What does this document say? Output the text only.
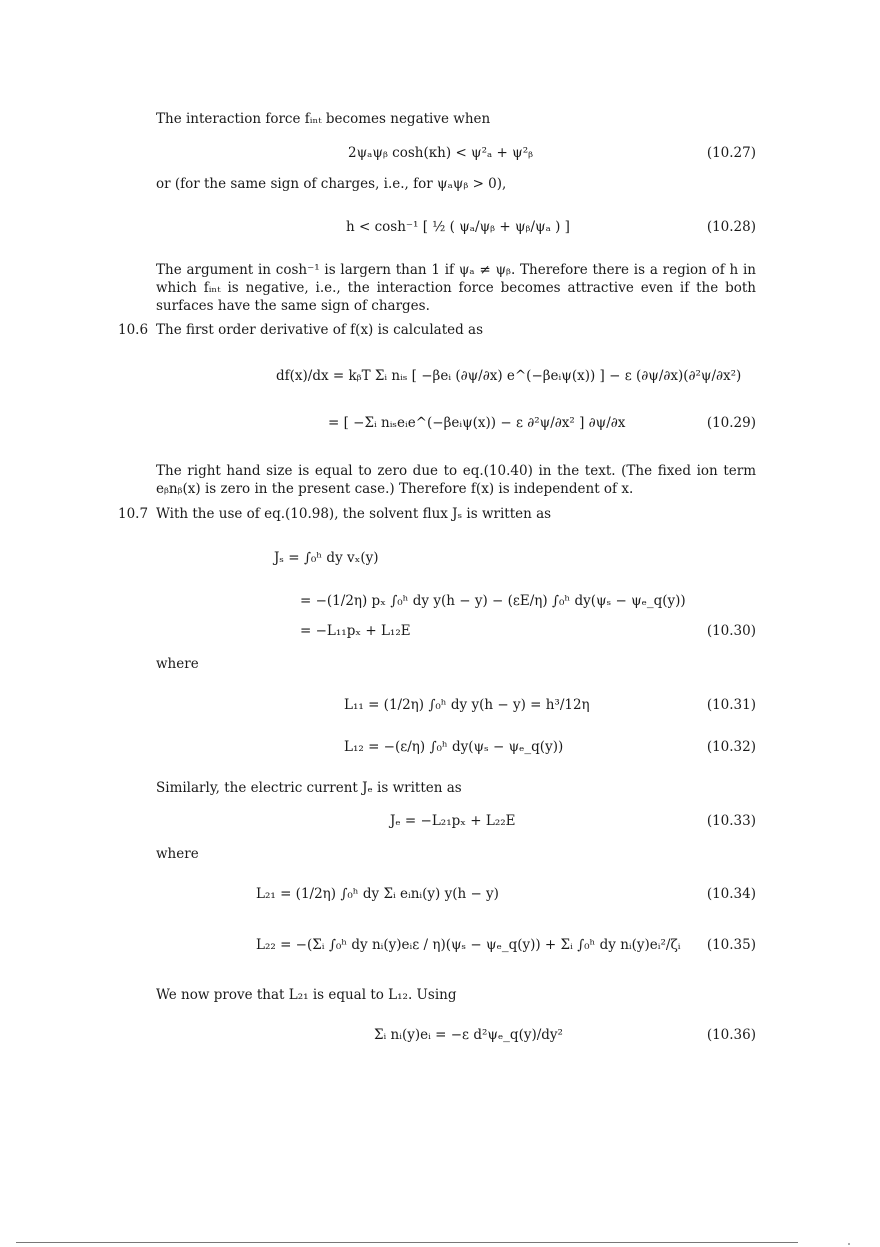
The interaction force fᵢₙₜ becomes negative when
2ψₐψᵦ cosh(κh) < ψ²ₐ + ψ²ᵦ	(10.27)
or (for the same sign of charges, i.e., for ψₐψᵦ > 0),
h < cosh⁻¹ [ ½ ( ψₐ/ψᵦ + ψᵦ/ψₐ ) ]	(10.28)
The argument in cosh⁻¹ is largern than 1 if ψₐ ≠ ψᵦ. Therefore there is a region of h in which fᵢₙₜ is negative, i.e., the interaction force becomes attractive even if the both surfaces have the same sign of charges.
10.6 The first order derivative of f(x) is calculated as
df(x)/dx = kᵦT Σᵢ nᵢₛ [ −βeᵢ (∂ψ/∂x) e^(−βeᵢψ(x)) ] − ε (∂ψ/∂x)(∂²ψ/∂x²)
= [ −Σᵢ nᵢₛeᵢe^(−βeᵢψ(x)) − ε ∂²ψ/∂x² ] ∂ψ/∂x	(10.29)
The right hand size is equal to zero due to eq.(10.40) in the text. (The fixed ion term eᵦnᵦ(x) is zero in the present case.) Therefore f(x) is independent of x.
10.7 With the use of eq.(10.98), the solvent flux Jₛ is written as
Jₛ = ∫₀ʰ dy vₓ(y)
= −(1/2η) pₓ ∫₀ʰ dy y(h − y) − (εE/η) ∫₀ʰ dy(ψₛ − ψₑ_q(y))
= −L₁₁pₓ + L₁₂E	(10.30)
where
L₁₁ = (1/2η) ∫₀ʰ dy y(h − y) = h³/12η	(10.31)
L₁₂ = −(ε/η) ∫₀ʰ dy(ψₛ − ψₑ_q(y))	(10.32)
Similarly, the electric current Jₑ is written as
Jₑ = −L₂₁pₓ + L₂₂E	(10.33)
where
L₂₁ = (1/2η) ∫₀ʰ dy Σᵢ eᵢnᵢ(y) y(h − y)	(10.34)
L₂₂ = −(Σᵢ ∫₀ʰ dy nᵢ(y)eᵢε / η)(ψₛ − ψₑ_q(y)) + Σᵢ ∫₀ʰ dy nᵢ(y)eᵢ²/ζᵢ (10.35)
We now prove that L₂₁ is equal to L₁₂. Using
Σᵢ nᵢ(y)eᵢ = −ε d²ψₑ_q(y)/dy²	(10.36)
